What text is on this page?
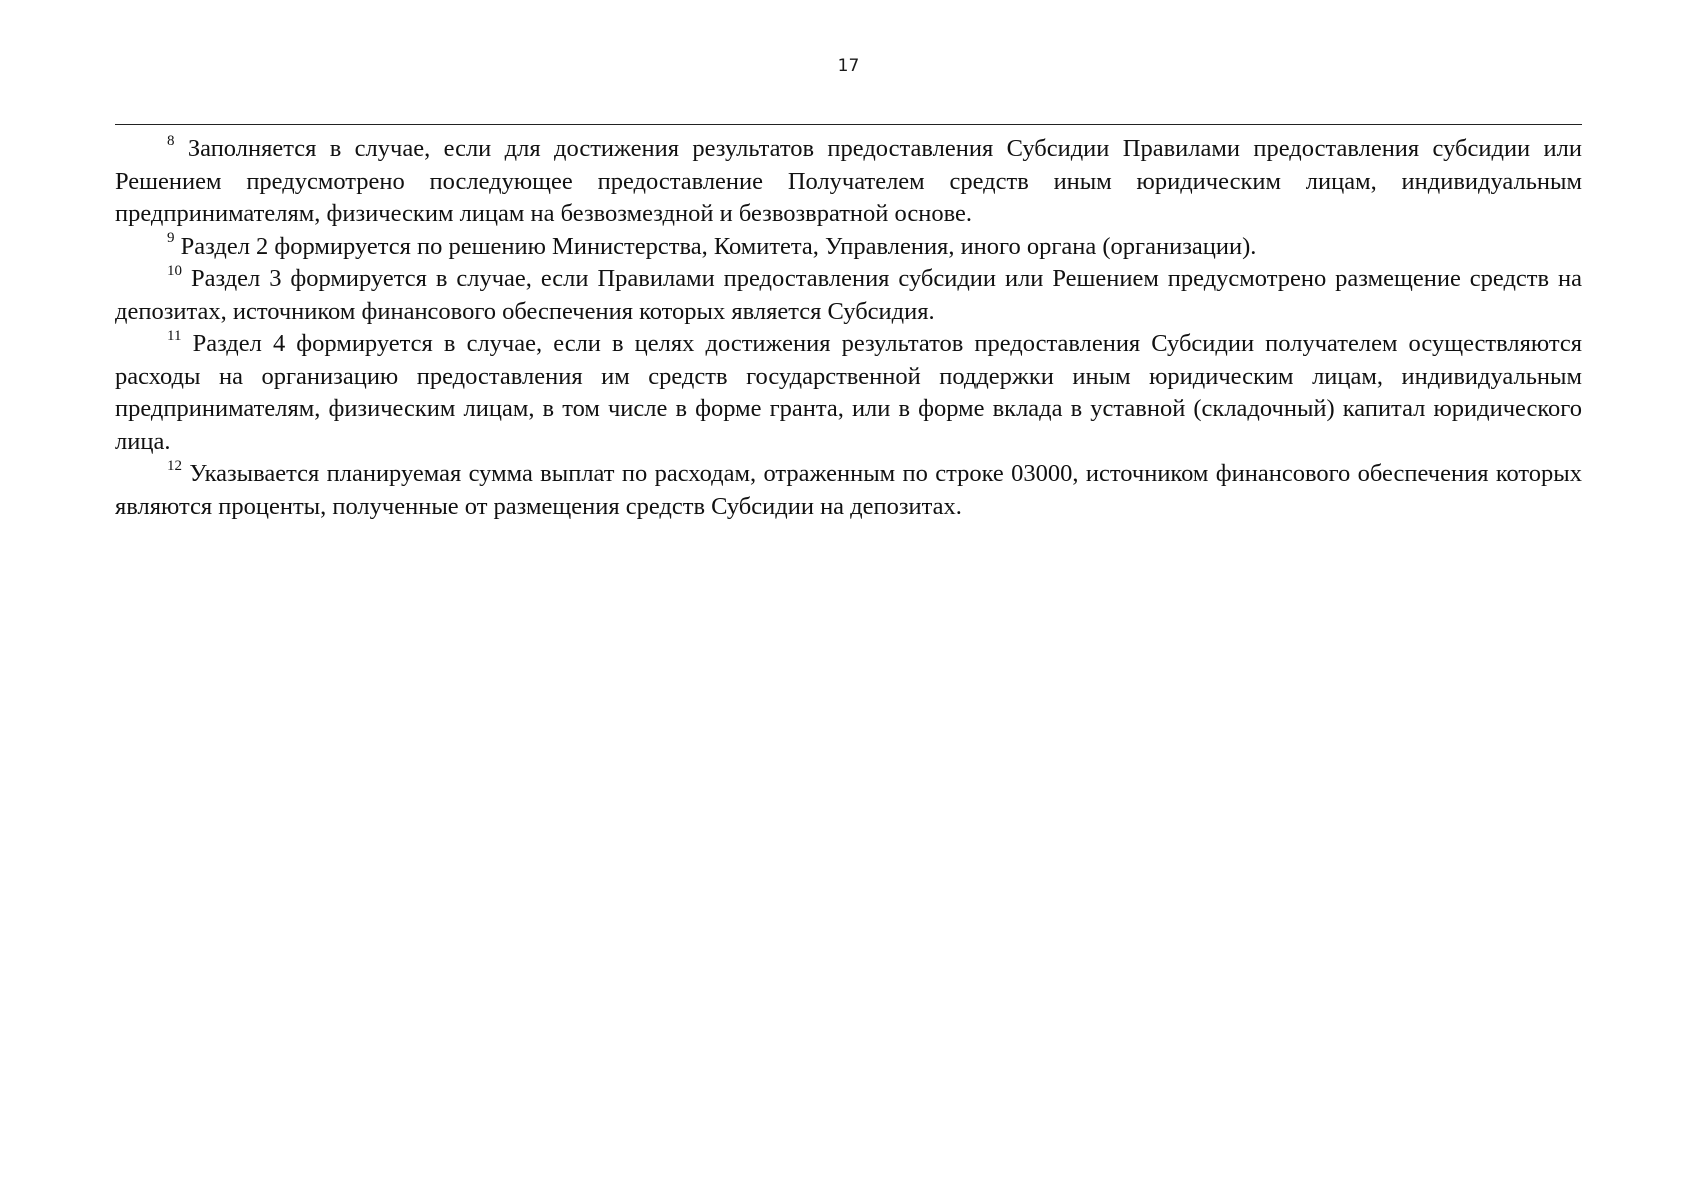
17

$^8$ Заполняется в случае, если для достижения результатов предоставления Субсидии Правилами предоставления субсидии или Решением предусмотрено последующее предоставление Получателем средств иным юридическим лицам, индивидуальным предпринимателям, физическим лицам на безвозмездной и безвозвратной основе.

$^9$ Раздел 2 формируется по решению Министерства, Комитета, Управления, иного органа (организации).

$^{10}$ Раздел 3 формируется в случае, если Правилами предоставления субсидии или Решением предусмотрено размещение средств на депозитах, источником финансового обеспечения которых является Субсидия.

$^{11}$ Раздел 4 формируется в случае, если в целях достижения результатов предоставления Субсидии получателем осуществляются расходы на организацию предоставления им средств государственной поддержки иным юридическим лицам, индивидуальным предпринимателям, физическим лицам, в том числе в форме гранта, или в форме вклада в уставной (складочный) капитал юридического лица.

$^{12}$ Указывается планируемая сумма выплат по расходам, отраженным по строке 03000, источником финансового обеспечения которых являются проценты, полученные от размещения средств Субсидии на депозитах.
